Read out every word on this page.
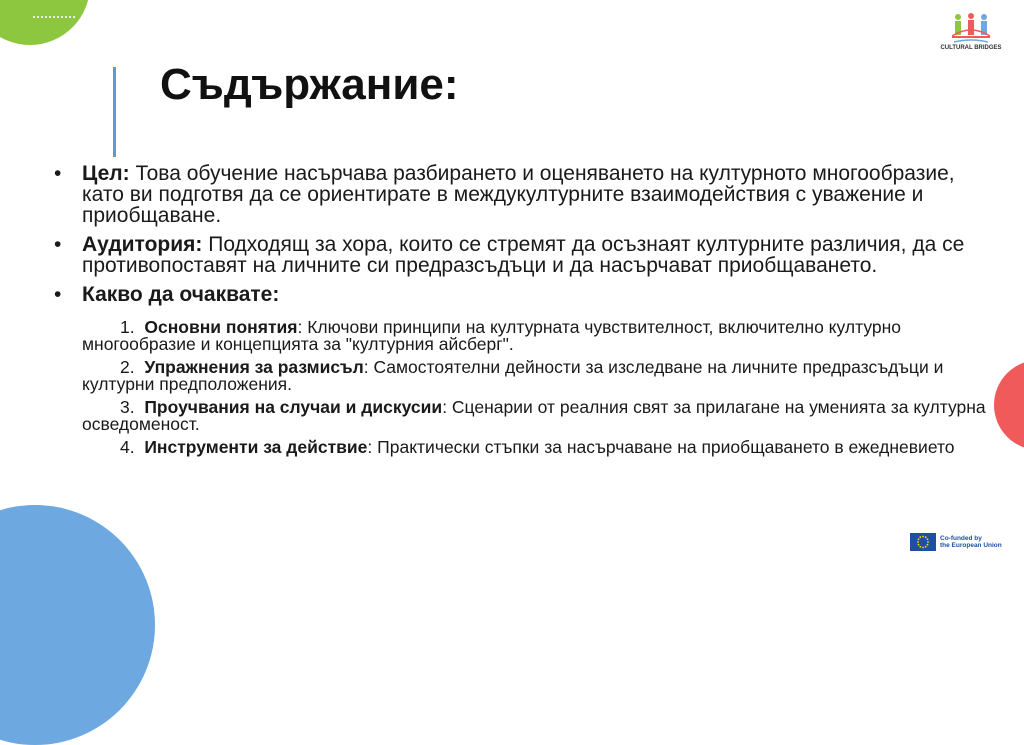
Съдържание:
CULTURAL BRIDGES
• Цел: Това обучение насърчава разбирането и оценяването на културното многообразие, като ви подготвя да се ориентирате в междукултурните взаимодействия с уважение и приобщаване.
• Аудитория: Подходящ за хора, които се стремят да осъзнаят културните различия, да се противопоставят на личните си предразсъдъци и да насърчават приобщаването.
• Какво да очаквате:
1. Основни понятия: Ключови принципи на културната чувствителност, включително културно многообразие и концепцията за "културния айсберг".
2. Упражнения за размисъл: Самостоятелни дейности за изследване на личните предразсъдъци и културни предположения.
3. Проучвания на случаи и дискусии: Сценарии от реалния свят за прилагане на уменията за културна осведоменост.
4. Инструменти за действие: Практически стъпки за насърчаване на приобщаването в ежедневието
Co-funded by
the European Union
